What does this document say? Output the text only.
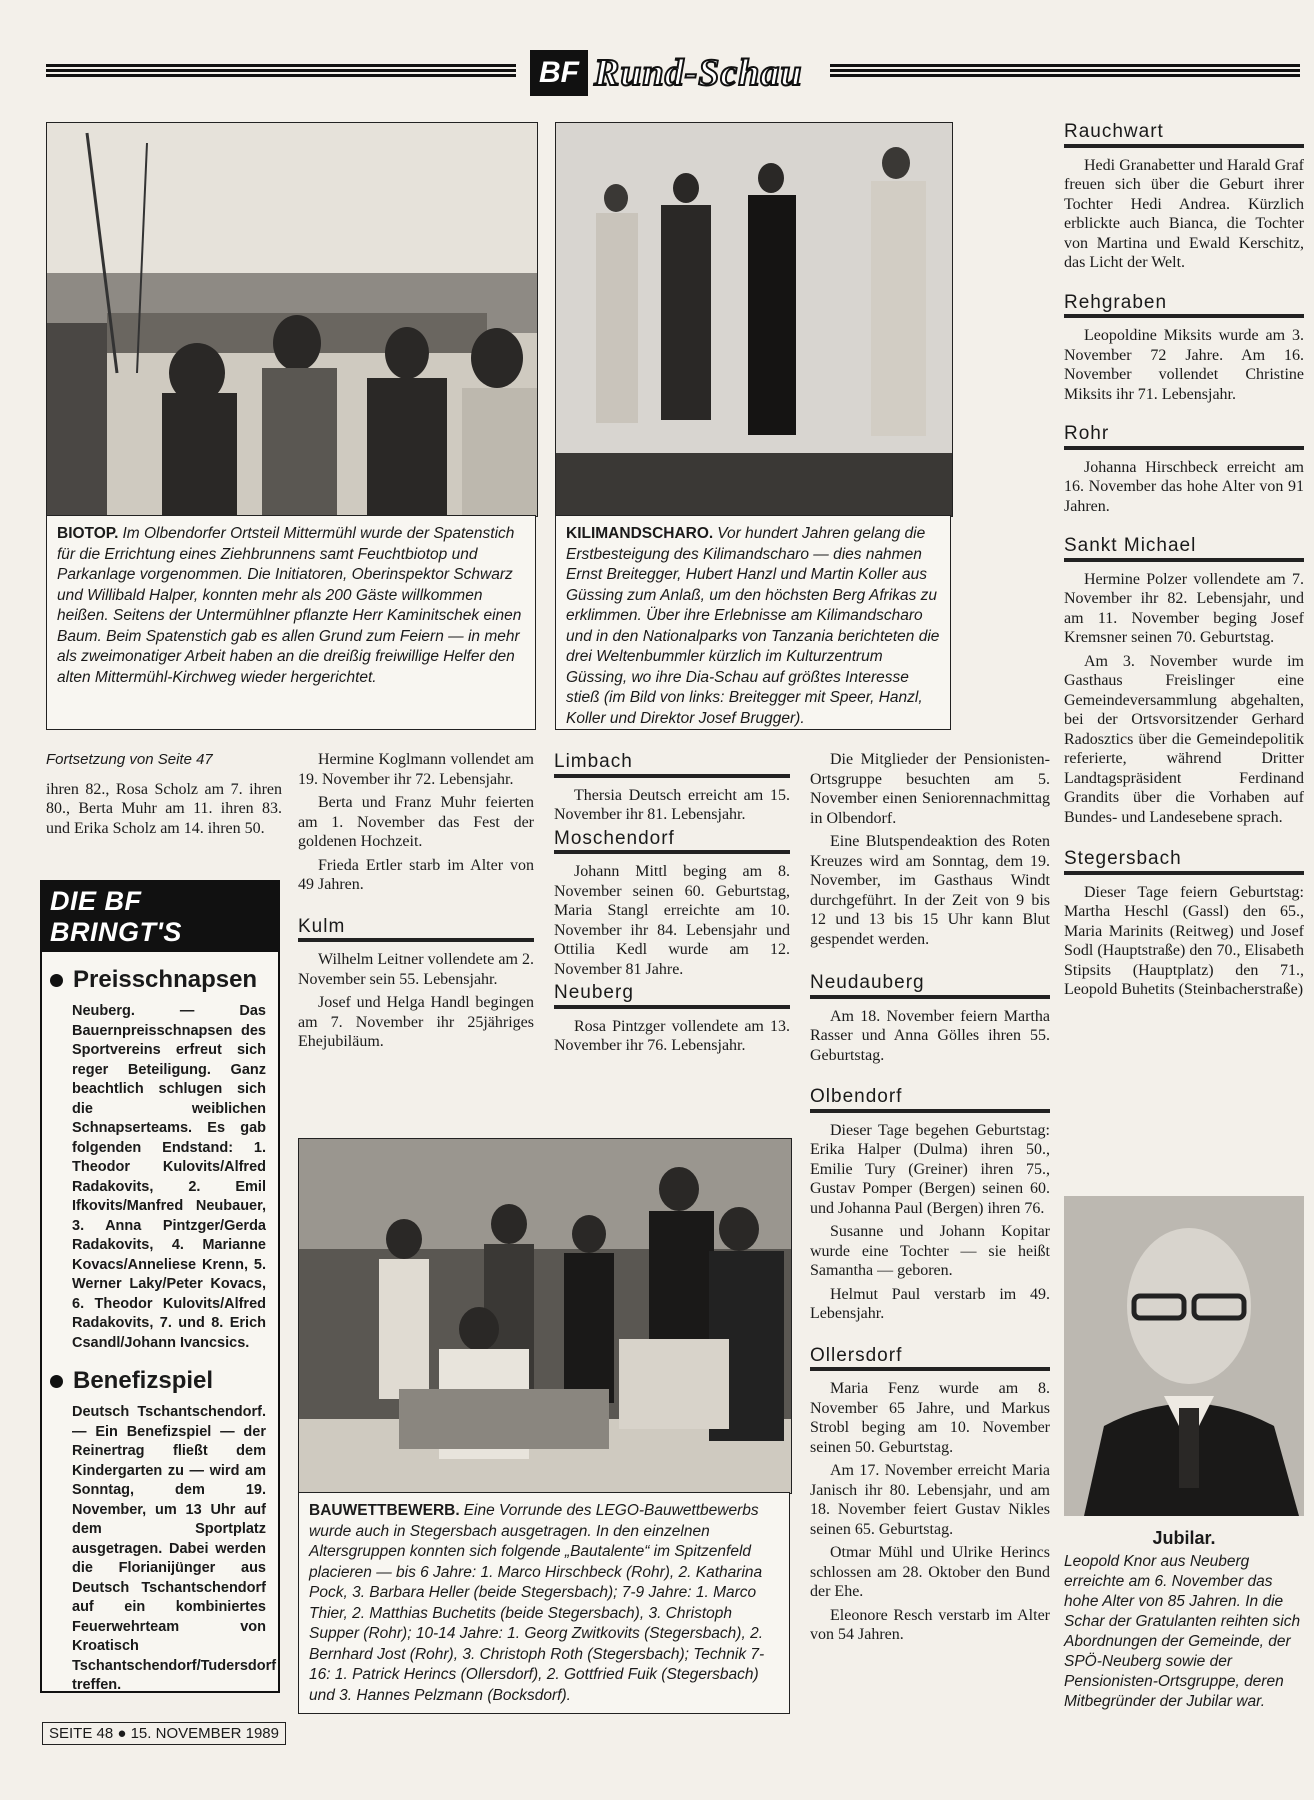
BF Rund-Schau
BIOTOP. Im Olbendorfer Ortsteil Mittermühl wurde der Spatenstich für die Errichtung eines Ziehbrunnens samt Feuchtbiotop und Parkanlage vorgenommen. Die Initiatoren, Oberinspektor Schwarz und Willibald Halper, konnten mehr als 200 Gäste willkommen heißen. Seitens der Untermühlner pflanzte Herr Kaminitschek einen Baum. Beim Spatenstich gab es allen Grund zum Feiern — in mehr als zweimonatiger Arbeit haben an die dreißig freiwillige Helfer den alten Mittermühl-Kirchweg wieder hergerichtet.
KILIMANDSCHARO. Vor hundert Jahren gelang die Erstbesteigung des Kilimandscharo — dies nahmen Ernst Breitegger, Hubert Hanzl und Martin Koller aus Güssing zum Anlaß, um den höchsten Berg Afrikas zu erklimmen. Über ihre Erlebnisse am Kilimandscharo und in den Nationalparks von Tanzania berichteten die drei Weltenbummler kürzlich im Kulturzentrum Güssing, wo ihre Dia-Schau auf größtes Interesse stieß (im Bild von links: Breitegger mit Speer, Hanzl, Koller und Direktor Josef Brugger).
Fortsetzung von Seite 47

ihren 82., Rosa Scholz am 7. ihren 80., Berta Muhr am 11. ihren 83. und Erika Scholz am 14. ihren 50.

DIE BF BRINGT'S
Preisschnapsen
Neuberg. — Das Bauernpreisschnapsen des Sportvereins erfreut sich reger Beteiligung. Ganz beachtlich schlugen sich die weiblichen Schnapserteams. Es gab folgenden Endstand: 1. Theodor Kulovits/Alfred Radakovits, 2. Emil Ifkovits/Manfred Neubauer, 3. Anna Pintzger/Gerda Radakovits, 4. Marianne Kovacs/Anneliese Krenn, 5. Werner Laky/Peter Kovacs, 6. Theodor Kulovits/Alfred Radakovits, 7. und 8. Erich Csandl/Johann Ivancsics.
Benefizspiel
Deutsch Tschantschendorf. — Ein Benefizspiel — der Reinertrag fließt dem Kindergarten zu — wird am Sonntag, dem 19. November, um 13 Uhr auf dem Sportplatz ausgetragen. Dabei werden die Florianijünger aus Deutsch Tschantschendorf auf ein kombiniertes Feuerwehrteam von Kroatisch Tschantschendorf/Tudersdorf treffen.

Hermine Koglmann vollendet am 19. November ihr 72. Lebensjahr.

Berta und Franz Muhr feierten am 1. November das Fest der goldenen Hochzeit.

Frieda Ertler starb im Alter von 49 Jahren.

Kulm

Wilhelm Leitner vollendete am 2. November sein 55. Lebensjahr.

Josef und Helga Handl begingen am 7. November ihr 25jähriges Ehejubiläum.

Limbach

Thersia Deutsch erreicht am 15. November ihr 81. Lebensjahr.

Moschendorf

Johann Mittl beging am 8. November seinen 60. Geburtstag, Maria Stangl erreichte am 10. November ihr 84. Lebensjahr und Ottilia Kedl wurde am 12. November 81 Jahre.

Neuberg

Rosa Pintzger vollendete am 13. November ihr 76. Lebensjahr.

BAUWETTBEWERB. Eine Vorrunde des LEGO-Bauwettbewerbs wurde auch in Stegersbach ausgetragen. In den einzelnen Altersgruppen konnten sich folgende „Bautalente“ im Spitzenfeld placieren — bis 6 Jahre: 1. Marco Hirschbeck (Rohr), 2. Katharina Pock, 3. Barbara Heller (beide Stegersbach); 7-9 Jahre: 1. Marco Thier, 2. Matthias Buchetits (beide Stegersbach), 3. Christoph Supper (Rohr); 10-14 Jahre: 1. Georg Zwitkovits (Stegersbach), 2. Bernhard Jost (Rohr), 3. Christoph Roth (Stegersbach); Technik 7-16: 1. Patrick Herincs (Ollersdorf), 2. Gottfried Fuik (Stegersbach) und 3. Hannes Pelzmann (Bocksdorf).

Die Mitglieder der Pensionisten-Ortsgruppe besuchten am 5. November einen Seniorennachmittag in Olbendorf.

Eine Blutspendeaktion des Roten Kreuzes wird am Sonntag, dem 19. November, im Gasthaus Windt durchgeführt. In der Zeit von 9 bis 12 und 13 bis 15 Uhr kann Blut gespendet werden.

Neudauberg

Am 18. November feiern Martha Rasser und Anna Gölles ihren 55. Geburtstag.

Olbendorf

Dieser Tage begehen Geburtstag: Erika Halper (Dulma) ihren 50., Emilie Tury (Greiner) ihren 75., Gustav Pomper (Bergen) seinen 60. und Johanna Paul (Bergen) ihren 76.

Susanne und Johann Kopitar wurde eine Tochter — sie heißt Samantha — geboren.

Helmut Paul verstarb im 49. Lebensjahr.

Ollersdorf

Maria Fenz wurde am 8. November 65 Jahre, und Markus Strobl beging am 10. November seinen 50. Geburtstag.

Am 17. November erreicht Maria Janisch ihr 80. Lebensjahr, und am 18. November feiert Gustav Nikles seinen 65. Geburtstag.

Otmar Mühl und Ulrike Herincs schlossen am 28. Oktober den Bund der Ehe.

Eleonore Resch verstarb im Alter von 54 Jahren.

Rauchwart

Hedi Granabetter und Harald Graf freuen sich über die Geburt ihrer Tochter Hedi Andrea. Kürzlich erblickte auch Bianca, die Tochter von Martina und Ewald Kerschitz, das Licht der Welt.

Rehgraben

Leopoldine Miksits wurde am 3. November 72 Jahre. Am 16. November vollendet Christine Miksits ihr 71. Lebensjahr.

Rohr

Johanna Hirschbeck erreicht am 16. November das hohe Alter von 91 Jahren.

Sankt Michael

Hermine Polzer vollendete am 7. November ihr 82. Lebensjahr, und am 11. November beging Josef Kremsner seinen 70. Geburtstag.

Am 3. November wurde im Gasthaus Freislinger eine Gemeindeversammlung abgehalten, bei der Ortsvorsitzender Gerhard Radosztics über die Gemeindepolitik referierte, während Dritter Landtagspräsident Ferdinand Grandits über die Vorhaben auf Bundes- und Landesebene sprach.

Stegersbach

Dieser Tage feiern Geburtstag: Martha Heschl (Gassl) den 65., Maria Marinits (Reitweg) und Josef Sodl (Hauptstraße) den 70., Elisabeth Stipsits (Hauptplatz) den 71., Leopold Buhetits (Steinbacherstraße)

Jubilar.
Leopold Knor aus Neuberg erreichte am 6. November das hohe Alter von 85 Jahren. In die Schar der Gratulanten reihten sich Abordnungen der Gemeinde, der SPÖ-Neuberg sowie der Pensionisten-Ortsgruppe, deren Mitbegründer der Jubilar war.
SEITE 48 ● 15. NOVEMBER 1989
